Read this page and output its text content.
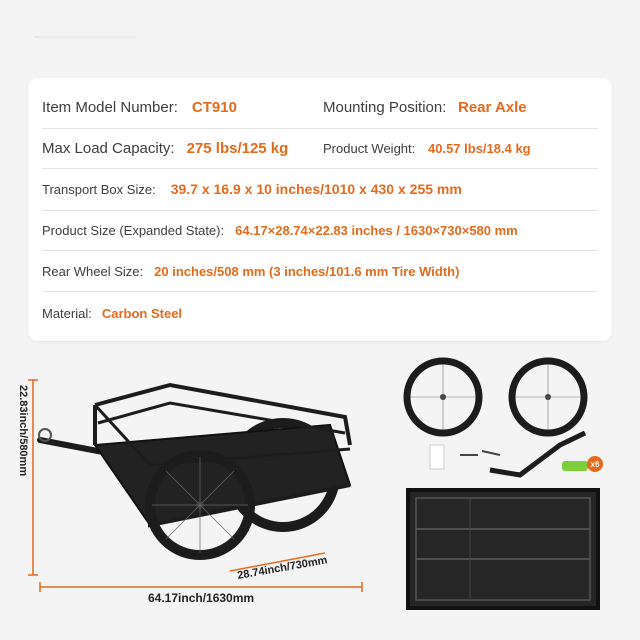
Item Model Number: CT910	Mounting Position: Rear Axle
Max Load Capacity: 275 lbs/125 kg	Product Weight: 40.57 lbs/18.4 kg
Transport Box Size: 39.7 x 16.9 x 10 inches/1010 x 430 x 255 mm
Product Size (Expanded State): 64.17×28.74×22.83 inches / 1630×730×580 mm
Rear Wheel Size: 20 inches/508 mm (3 inches/101.6 mm Tire Width)
Material: Carbon Steel
22.83inch/580mm
28.74inch/730mm
64.17inch/1630mm
x6
